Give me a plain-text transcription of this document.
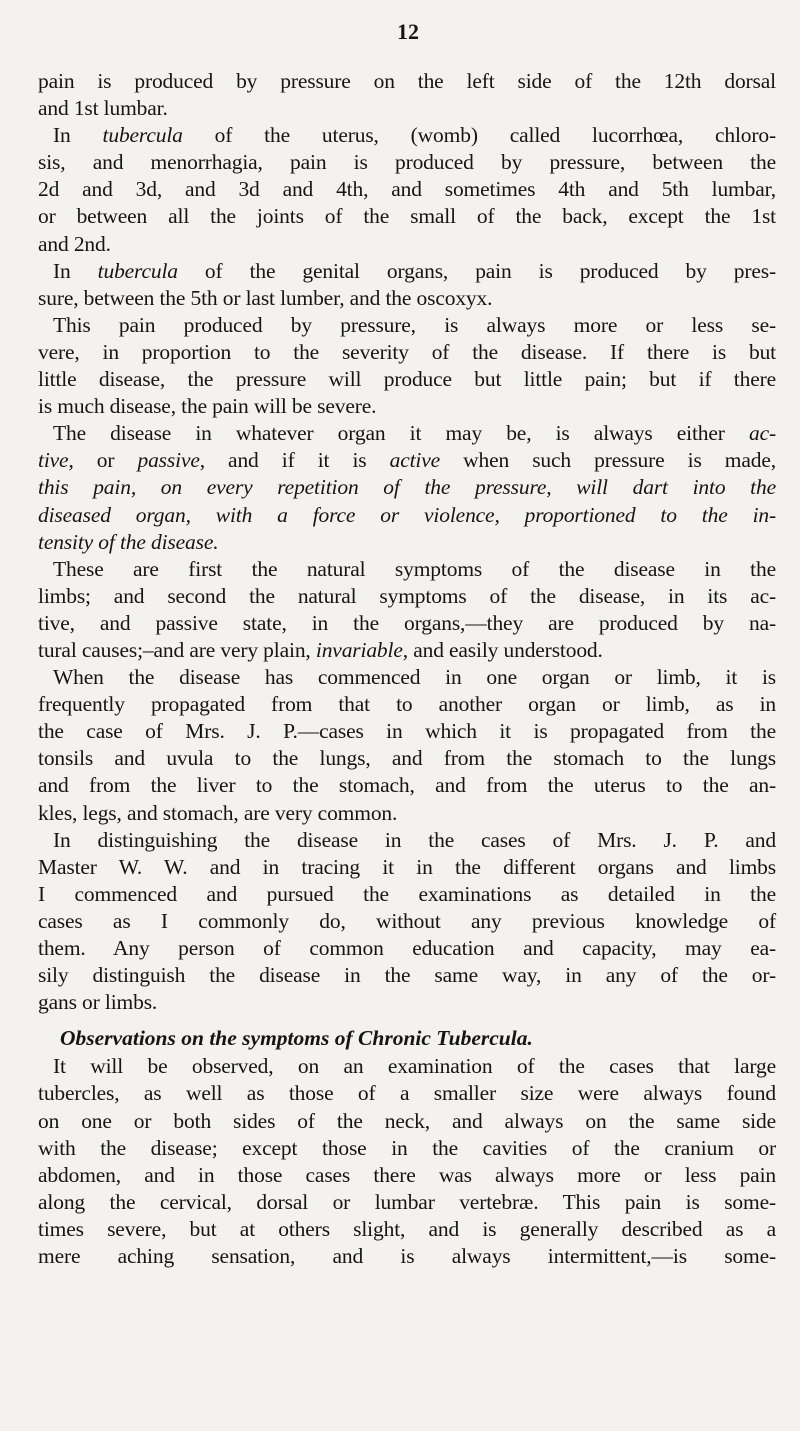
12
pain is produced by pressure on the left side of the 12th dorsal
and 1st lumbar.
In tubercula of the uterus, (womb) called lucorrhœa, chloro-
sis, and menorrhagia, pain is produced by pressure, between the
2d and 3d, and 3d and 4th, and sometimes 4th and 5th lumbar,
or between all the joints of the small of the back, except the 1st
and 2nd.
In tubercula of the genital organs, pain is produced by pres-
sure, between the 5th or last lumber, and the oscoxyx.
This pain produced by pressure, is always more or less se-
vere, in proportion to the severity of the disease. If there is but
little disease, the pressure will produce but little pain; but if there
is much disease, the pain will be severe.
The disease in whatever organ it may be, is always either ac-
tive, or passive, and if it is active when such pressure is made,
this pain, on every repetition of the pressure, will dart into the
diseased organ, with a force or violence, proportioned to the in-
tensity of the disease.
These are first the natural symptoms of the disease in the
limbs; and second the natural symptoms of the disease, in its ac-
tive, and passive state, in the organs,—they are produced by na-
tural causes;–and are very plain, invariable, and easily understood.
When the disease has commenced in one organ or limb, it is
frequently propagated from that to another organ or limb, as in
the case of Mrs. J. P.—cases in which it is propagated from the
tonsils and uvula to the lungs, and from the stomach to the lungs
and from the liver to the stomach, and from the uterus to the an-
kles, legs, and stomach, are very common.
In distinguishing the disease in the cases of Mrs. J. P. and
Master W. W. and in tracing it in the different organs and limbs
I commenced and pursued the examinations as detailed in the
cases as I commonly do, without any previous knowledge of
them. Any person of common education and capacity, may ea-
sily distinguish the disease in the same way, in any of the or-
gans or limbs.
Observations on the symptoms of Chronic Tubercula.
It will be observed, on an examination of the cases that large
tubercles, as well as those of a smaller size were always found
on one or both sides of the neck, and always on the same side
with the disease; except those in the cavities of the cranium or
abdomen, and in those cases there was always more or less pain
along the cervical, dorsal or lumbar vertebræ. This pain is some-
times severe, but at others slight, and is generally described as a
mere aching sensation, and is always intermittent,—is some-
